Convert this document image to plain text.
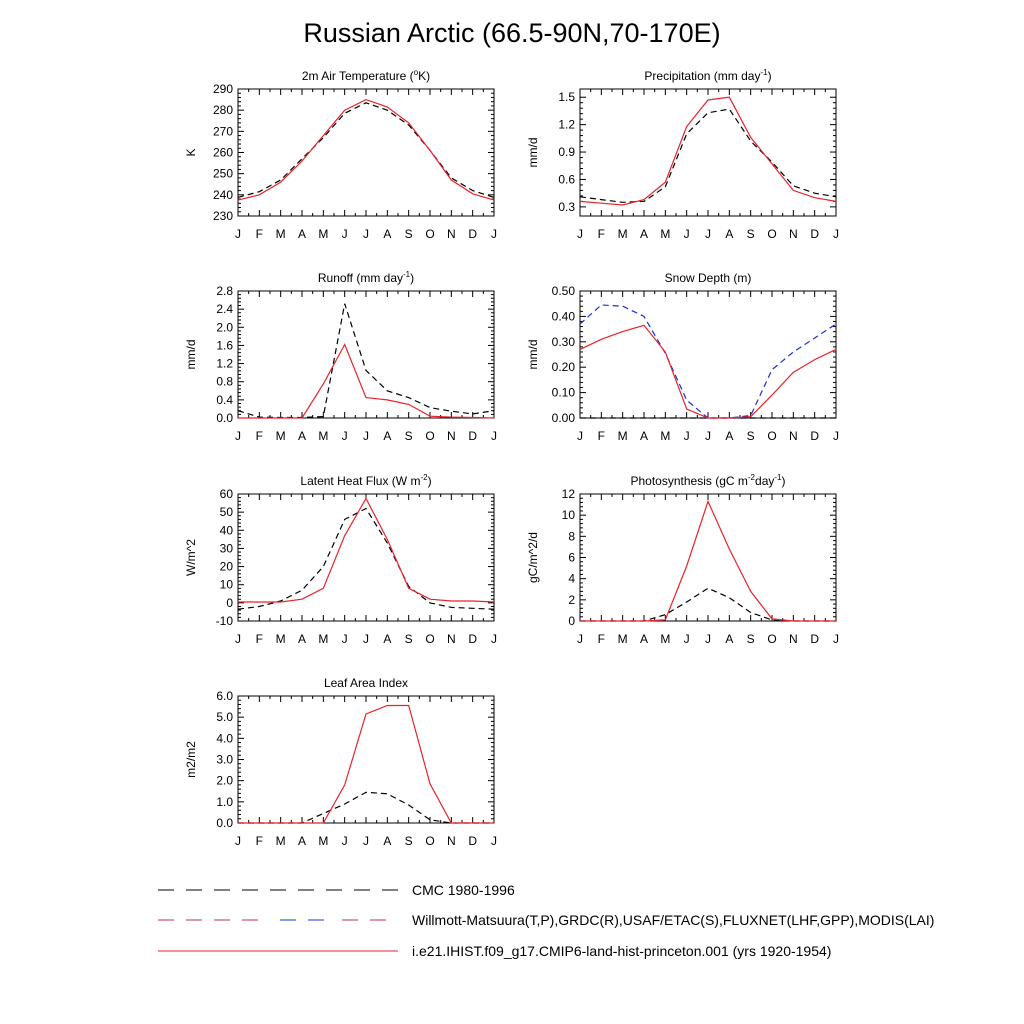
Russian Arctic (66.5-90N,70-170E)
J F M A M J J A S O N D J
230
240
250
260
270
280
290
2m Air Temperature ($^o$K)
K
J F M A M J J A S O N D J
0.3
0.6
0.9
1.2
1.5
Precipitation (mm day$^{-1}$)
mm/d
J F M A M J J A S O N D J
0.0
0.4
0.8
1.2
1.6
2.0
2.4
2.8
Runoff (mm day$^{-1}$)
mm/d
J F M A M J J A S O N D J
0.00
0.10
0.20
0.30
0.40
0.50
Snow Depth (m)
mm/d
J F M A M J J A S O N D J
-10
0
10
20
30
40
50
60
Latent Heat Flux (W $m^{-2}$)
W/m^2
J F M A M J J A S O N D J
0
2
4
6
8
10
12
Photosynthesis (gC $m^{-2}day^{-1}$)
gC/m^2/d
J F M A M J J A S O N D J
0.0
1.0
2.0
3.0
4.0
5.0
6.0
Leaf Area Index
m2/m2
CMC 1980-1996
Willmott-Matsuura(T,P),GRDC(R),USAF/ETAC(S),FLUXNET(LHF,GPP),MODIS(LAI)
i.e21.IHIST.f09_g17.CMIP6-land-hist-princeton.001 (yrs 1920-1954)
